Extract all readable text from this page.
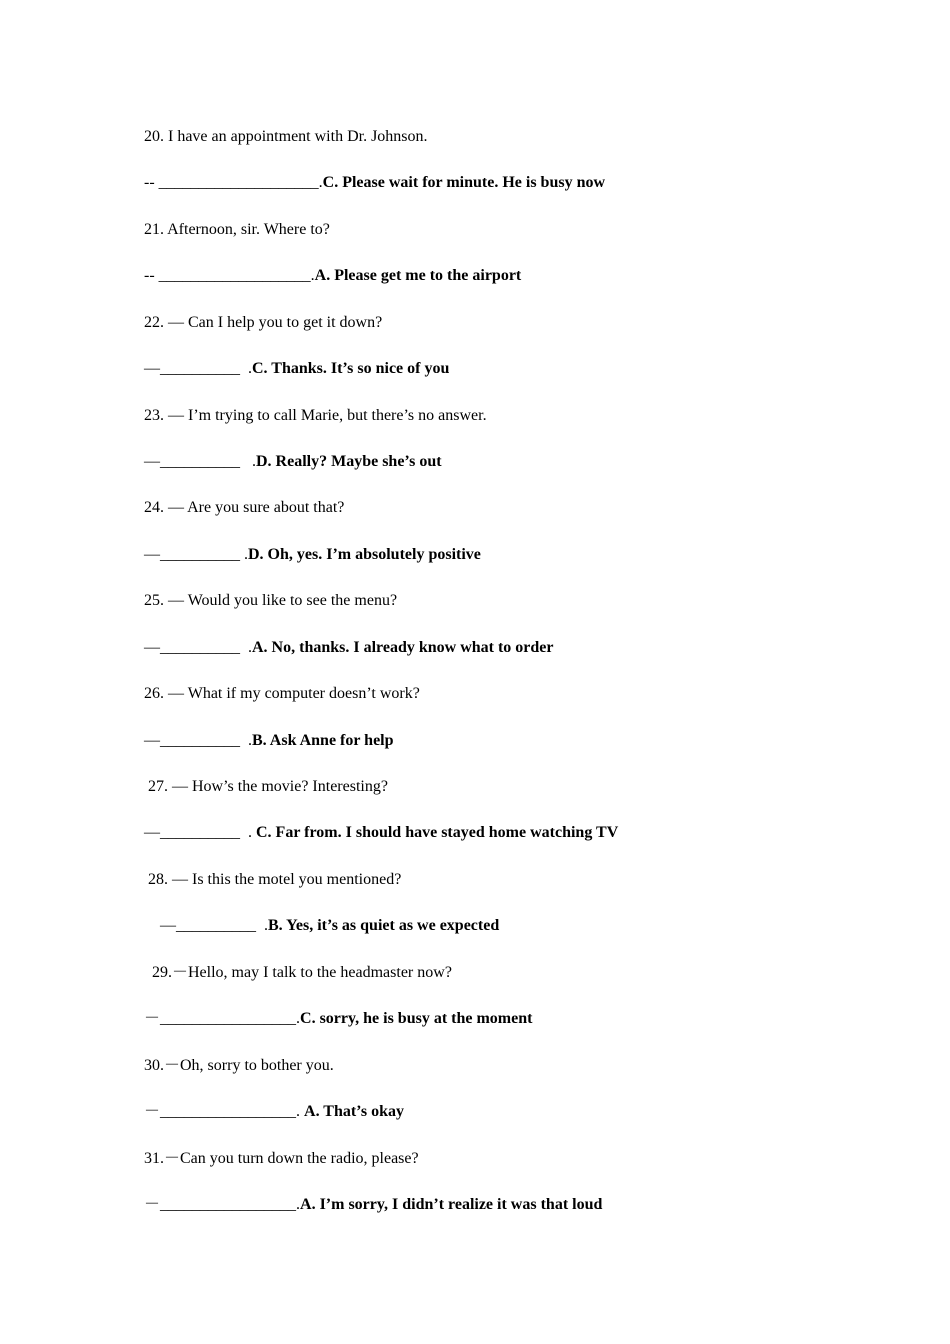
20. I have an appointment with Dr. Johnson.
-- ____________________.C. Please wait for minute. He is busy now
21. Afternoon, sir. Where to?
-- ___________________.A. Please get me to the airport
22. — Can I help you to get it down?
—__________  .C. Thanks. It’s so nice of you
23. — I’m trying to call Marie, but there’s no answer.
—__________   .D. Really? Maybe she’s out
24. — Are you sure about that?
—__________ .D. Oh, yes. I’m absolutely positive
25. — Would you like to see the menu?
—__________  .A. No, thanks. I already know what to order
26. — What if my computer doesn’t work?
—__________  .B. Ask Anne for help
27. — How’s the movie? Interesting?
—__________  . C. Far from. I should have stayed home watching TV
28. — Is this the motel you mentioned?
—__________  .B. Yes, it’s as quiet as we expected
29.－Hello, may I talk to the headmaster now?
－_________________.C. sorry, he is busy at the moment
30.－Oh, sorry to bother you.
－_________________. A. That’s okay
31.－Can you turn down the radio, please?
－_________________.A. I’m sorry, I didn’t realize it was that loud
